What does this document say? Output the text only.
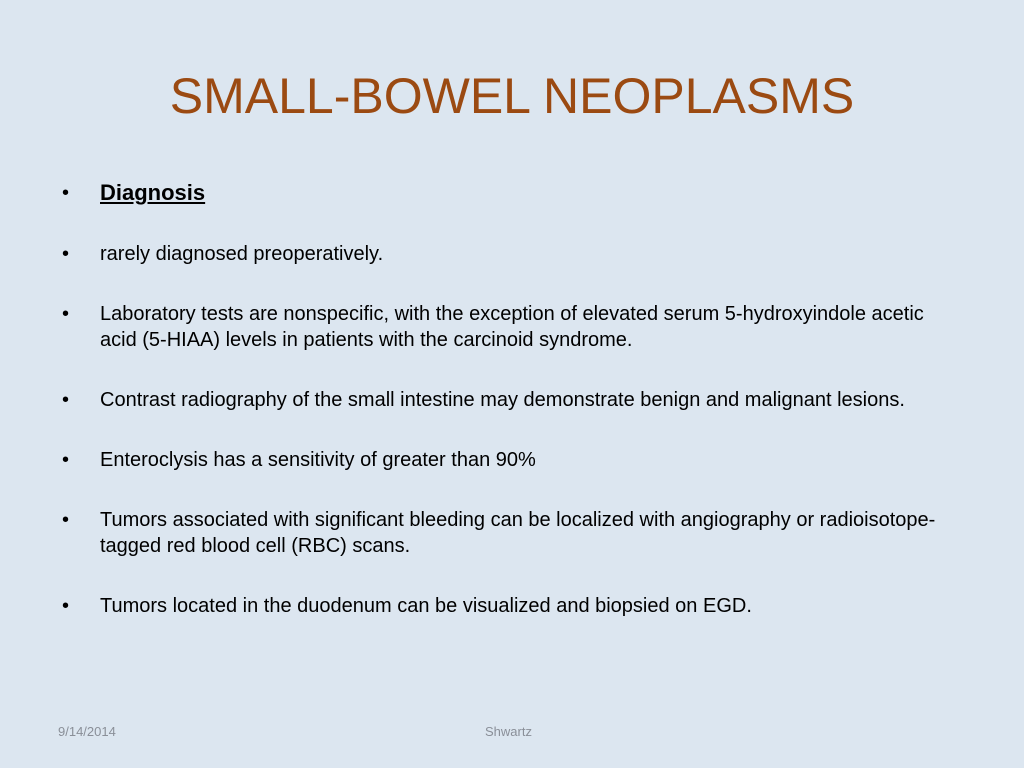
SMALL-BOWEL NEOPLASMS
•	Diagnosis
•	rarely diagnosed preoperatively.
•	Laboratory tests are nonspecific, with the exception of elevated serum 5-hydroxyindole acetic acid (5-HIAA) levels in patients with the carcinoid syndrome.
•	Contrast radiography of the small intestine may demonstrate benign and malignant lesions.
•	Enteroclysis has a sensitivity of greater than 90%
•	Tumors associated with significant bleeding can be localized with angiography or radioisotope-tagged red blood cell (RBC) scans.
•	Tumors located in the duodenum can be visualized and biopsied on EGD.
9/14/2014	Shwartz
